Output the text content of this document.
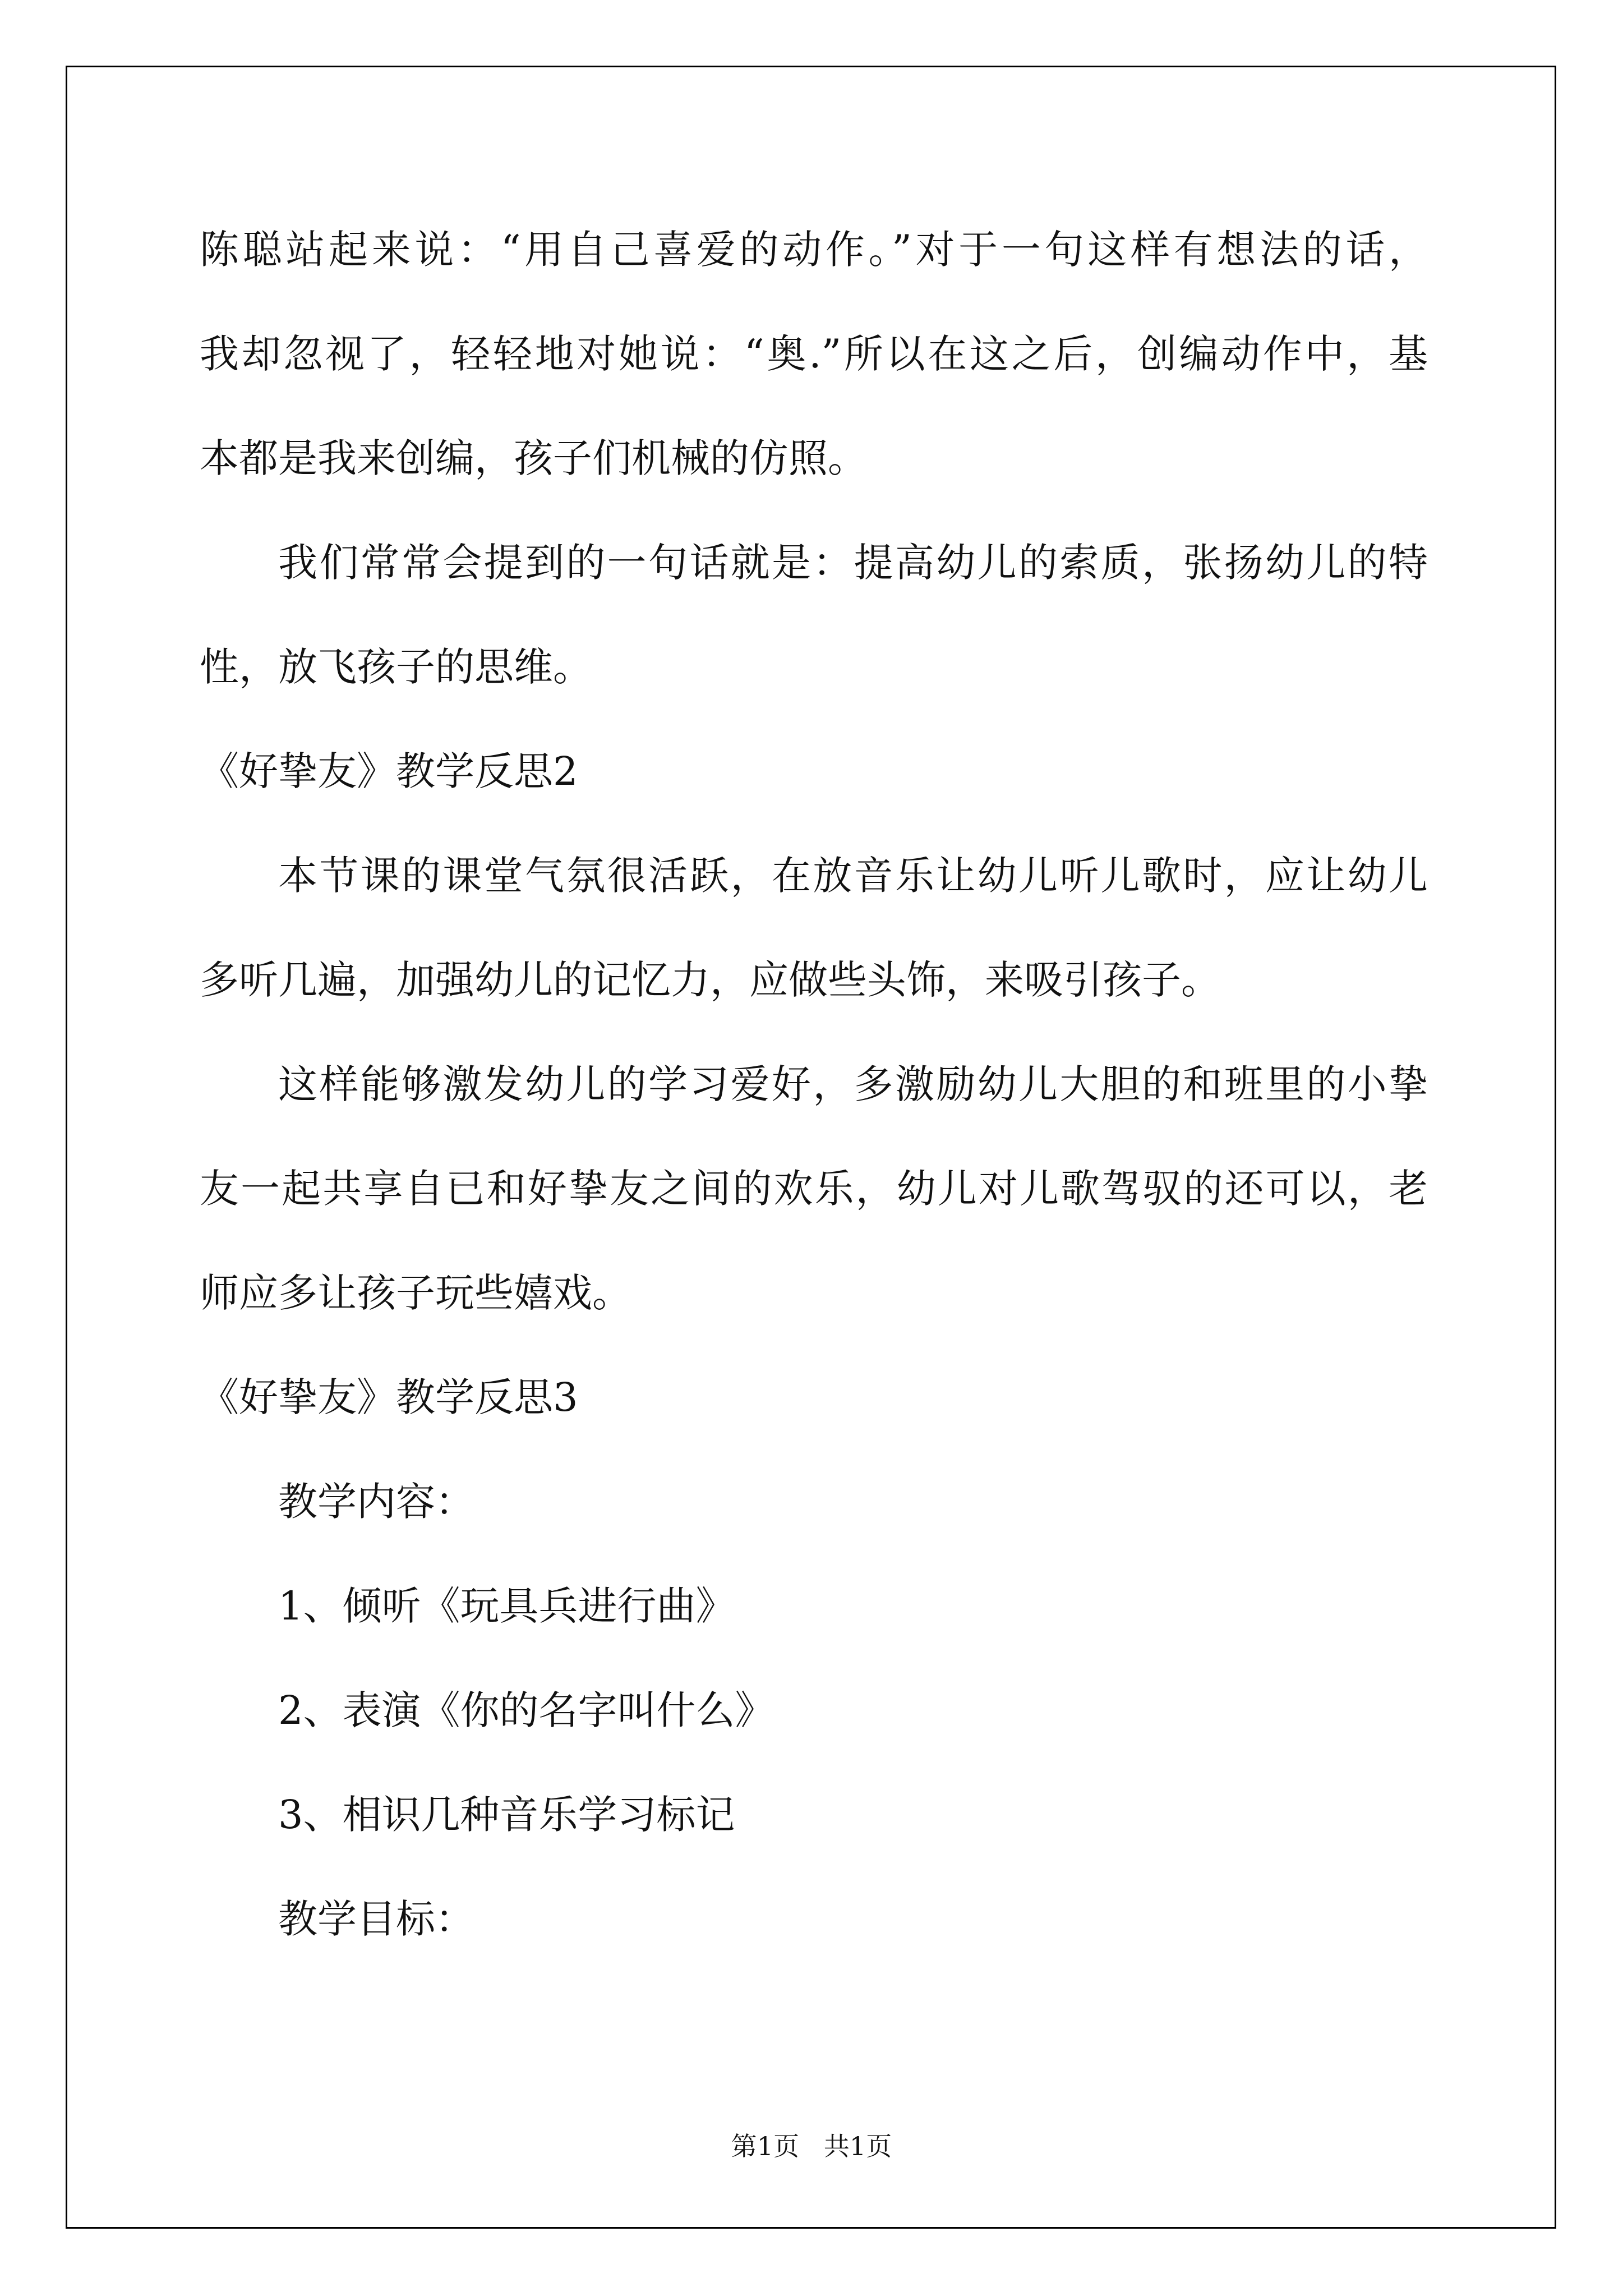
陈聪站起来说：“用自己喜爱的动作。”对于一句这样有想法的话，
我却忽视了，轻轻地对她说：“奥.”所以在这之后，创编动作中，基
本都是我来创编，孩子们机械的仿照。
我们常常会提到的一句话就是：提高幼儿的索质，张扬幼儿的特
性，放飞孩子的思维。
《好挚友》教学反思2
本节课的课堂气氛很活跃，在放音乐让幼儿听儿歌时，应让幼儿
多听几遍，加强幼儿的记忆力，应做些头饰，来吸引孩子。
这样能够激发幼儿的学习爱好，多激励幼儿大胆的和班里的小挚
友一起共享自已和好挚友之间的欢乐，幼儿对儿歌驾驭的还可以，老
师应多让孩子玩些嬉戏。
《好挚友》教学反思3
教学内容：
1、倾听《玩具兵进行曲》
2、表演《你的名字叫什么》
3、相识几种音乐学习标记
教学目标：
第1页   共1页
